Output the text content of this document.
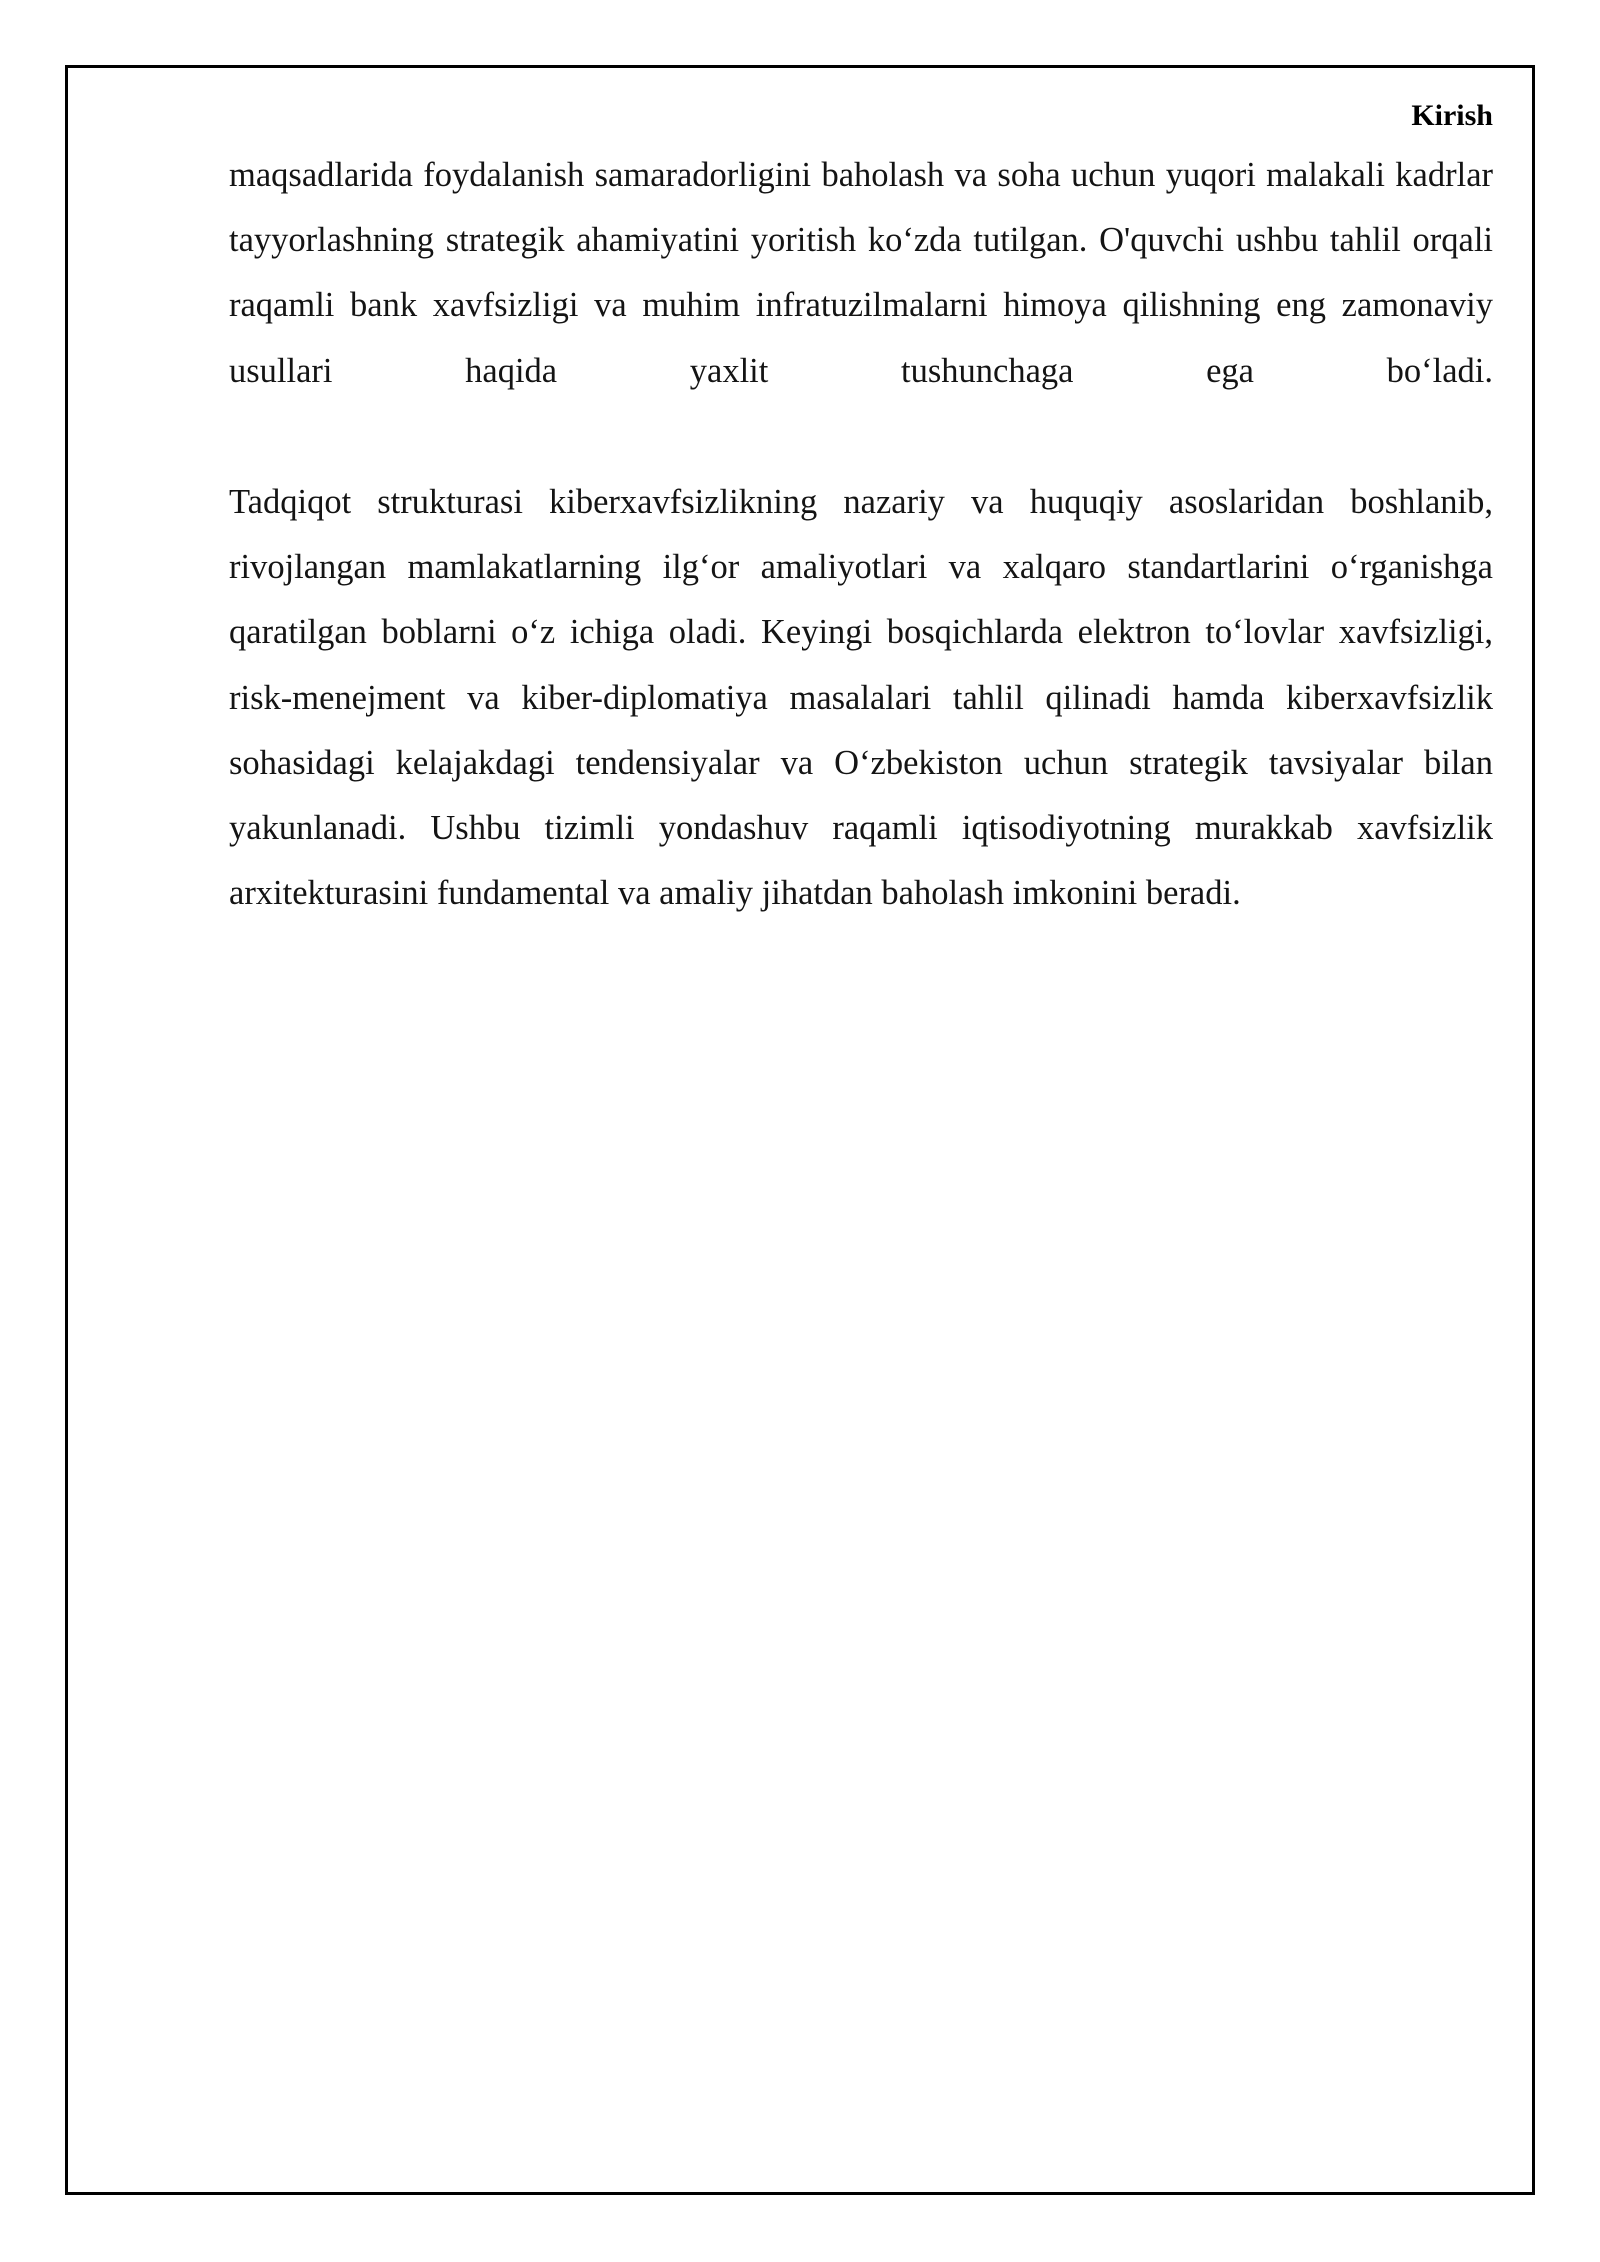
Kirish

maqsadlarida foydalanish samaradorligini baholash va soha uchun yuqori malakali kadrlar tayyorlashning strategik ahamiyatini yoritish koʻzda tutilgan. O'quvchi ushbu tahlil orqali raqamli bank xavfsizligi va muhim infratuzilmalarni himoya qilishning eng zamonaviy usullari haqida yaxlit tushunchaga ega boʻladi.

Tadqiqot strukturasi kiberxavfsizlikning nazariy va huquqiy asoslaridan boshlanib, rivojlangan mamlakatlarning ilgʻor amaliyotlari va xalqaro standartlarini oʻrganishga qaratilgan boblarni oʻz ichiga oladi. Keyingi bosqichlarda elektron toʻlovlar xavfsizligi, risk-menejment va kiber-diplomatiya masalalari tahlil qilinadi hamda kiberxavfsizlik sohasidagi kelajakdagi tendensiyalar va Oʻzbekiston uchun strategik tavsiyalar bilan yakunlanadi. Ushbu tizimli yondashuv raqamli iqtisodiyotning murakkab xavfsizlik arxitekturasini fundamental va amaliy jihatdan baholash imkonini beradi.
